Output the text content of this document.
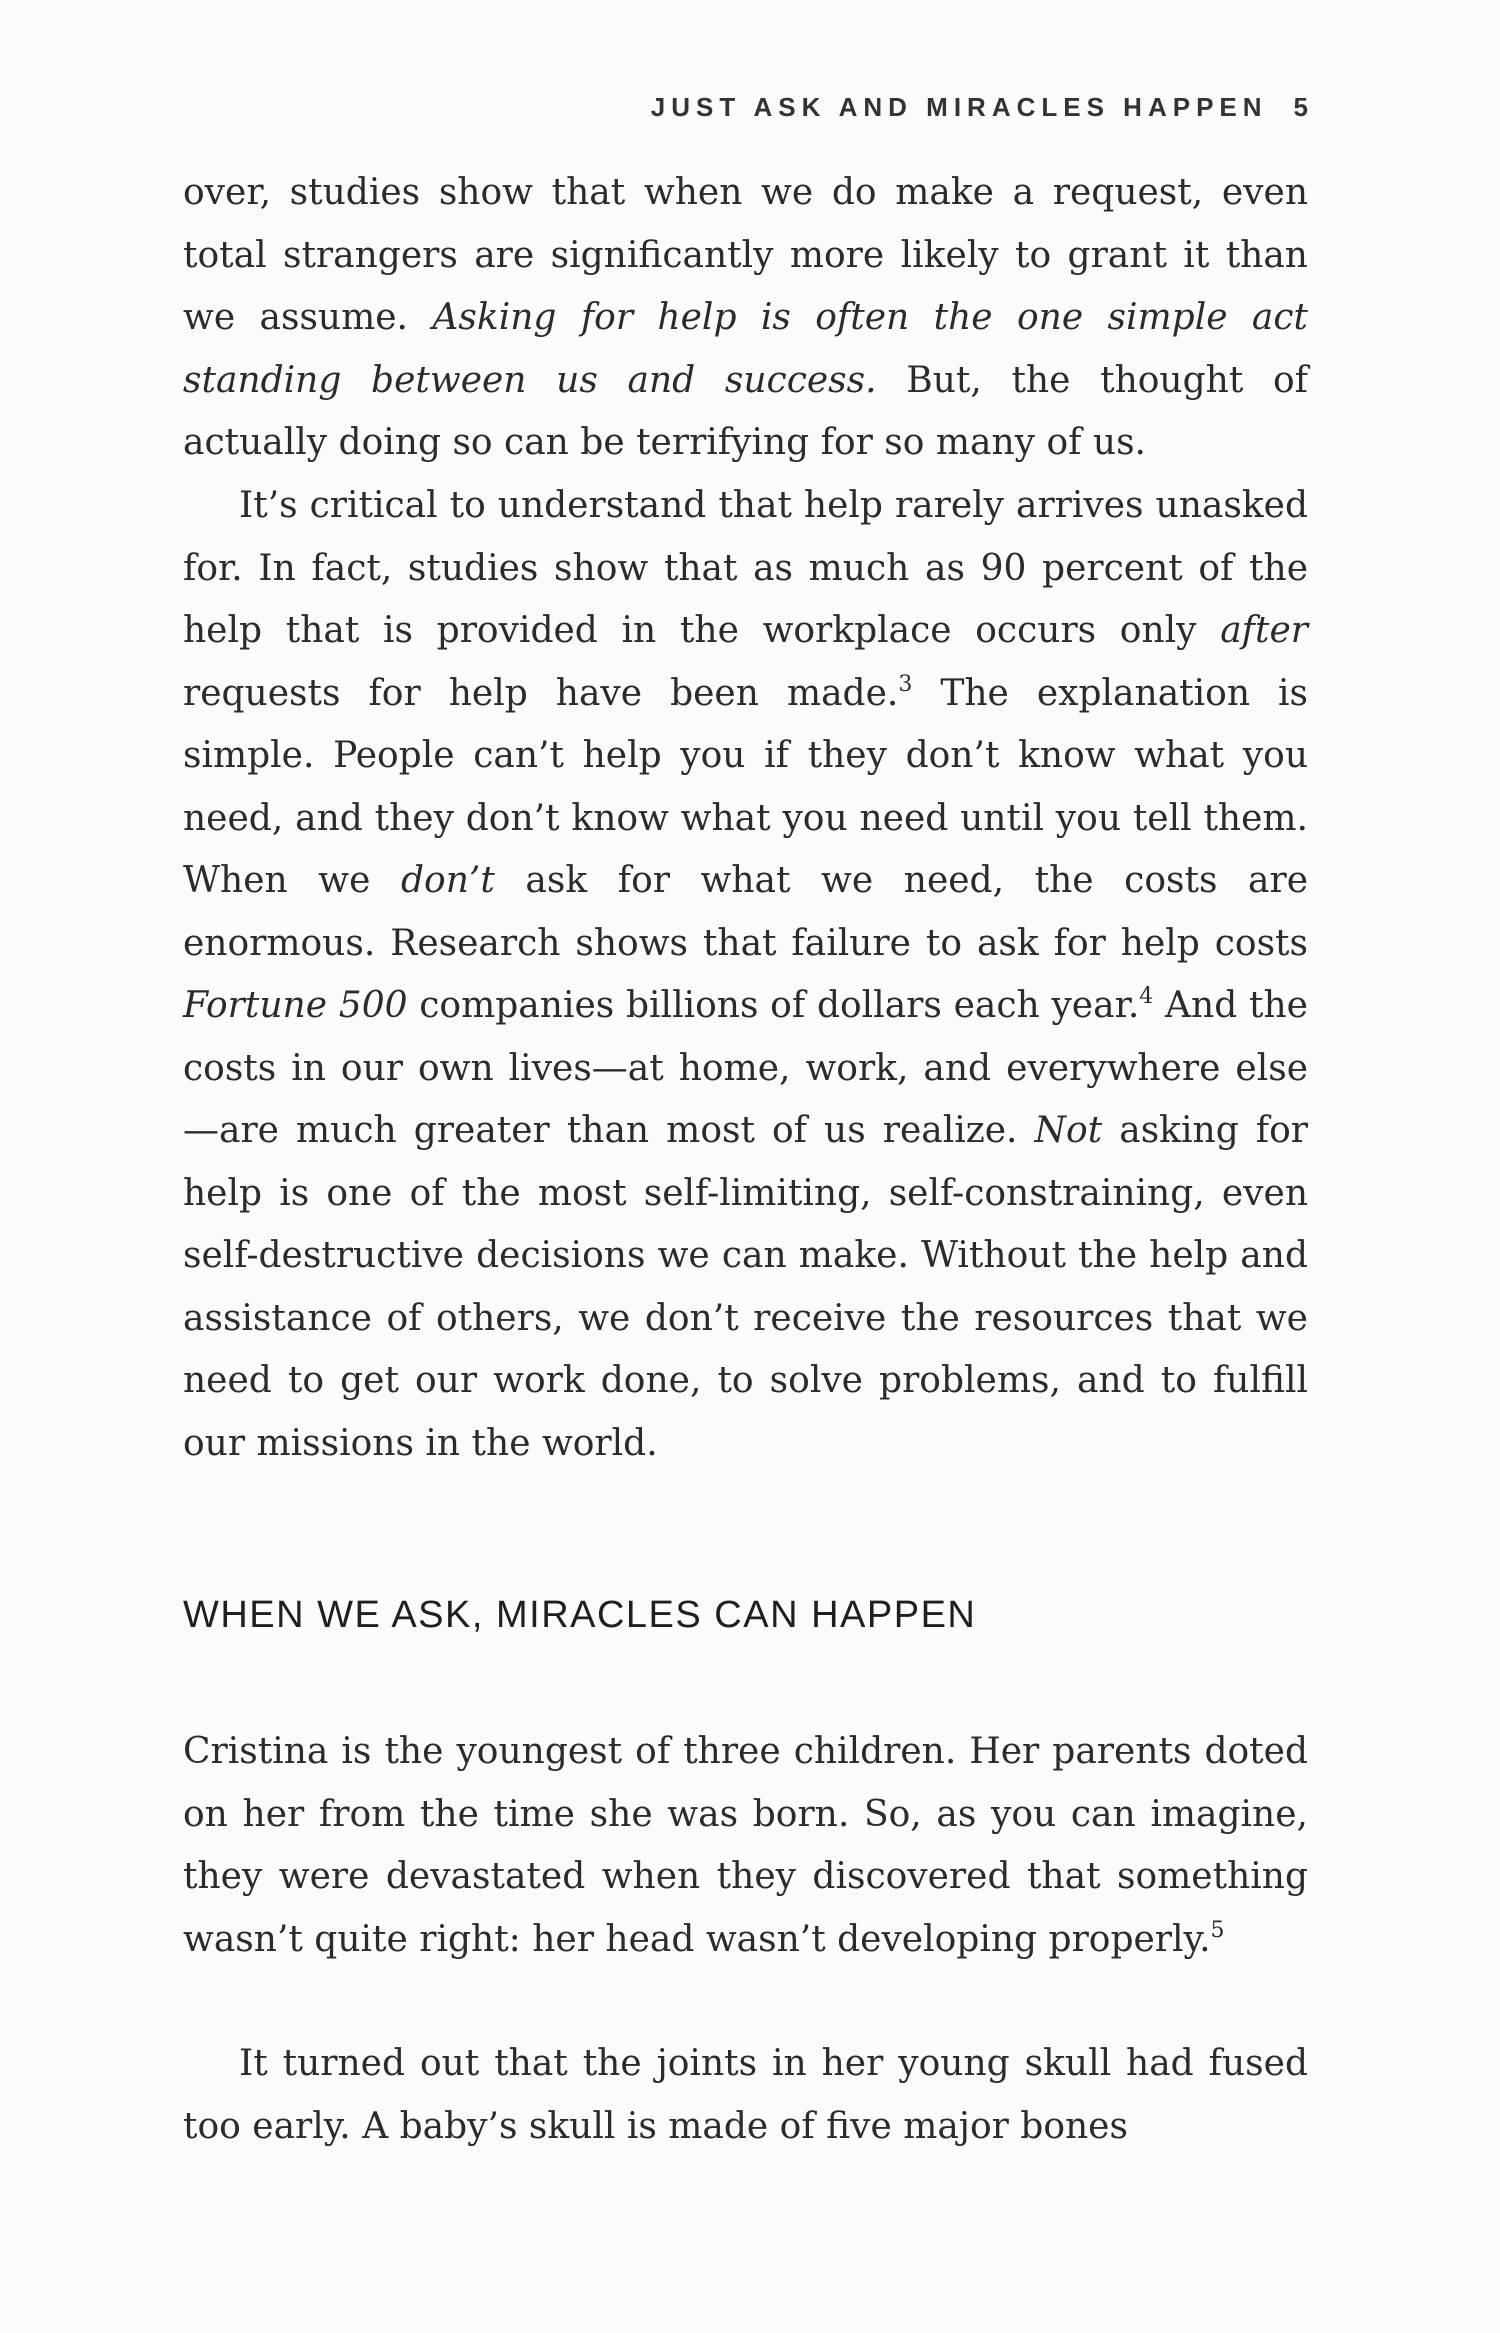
JUST ASK AND MIRACLES HAPPEN 5

over, studies show that when we do make a request, even total strangers are significantly more likely to grant it than we assume. Asking for help is often the one simple act standing between us and success. But, the thought of actually doing so can be terrifying for so many of us.

It’s critical to understand that help rarely arrives unasked for. In fact, studies show that as much as 90 percent of the help that is provided in the workplace occurs only after requests for help have been made.$^3$ The explanation is simple. People can’t help you if they don’t know what you need, and they don’t know what you need until you tell them. When we don’t ask for what we need, the costs are enormous. Research shows that failure to ask for help costs Fortune 500 companies billions of dollars each year.$^4$ And the costs in our own lives—at home, work, and everywhere else—are much greater than most of us realize. Not asking for help is one of the most self-limiting, self-constraining, even self-destructive decisions we can make. Without the help and assistance of others, we don’t receive the resources that we need to get our work done, to solve problems, and to fulfill our missions in the world.

WHEN WE ASK, MIRACLES CAN HAPPEN

Cristina is the youngest of three children. Her parents doted on her from the time she was born. So, as you can imagine, they were devastated when they discovered that something wasn’t quite right: her head wasn’t developing properly.$^5$

It turned out that the joints in her young skull had fused too early. A baby’s skull is made of five major bones
